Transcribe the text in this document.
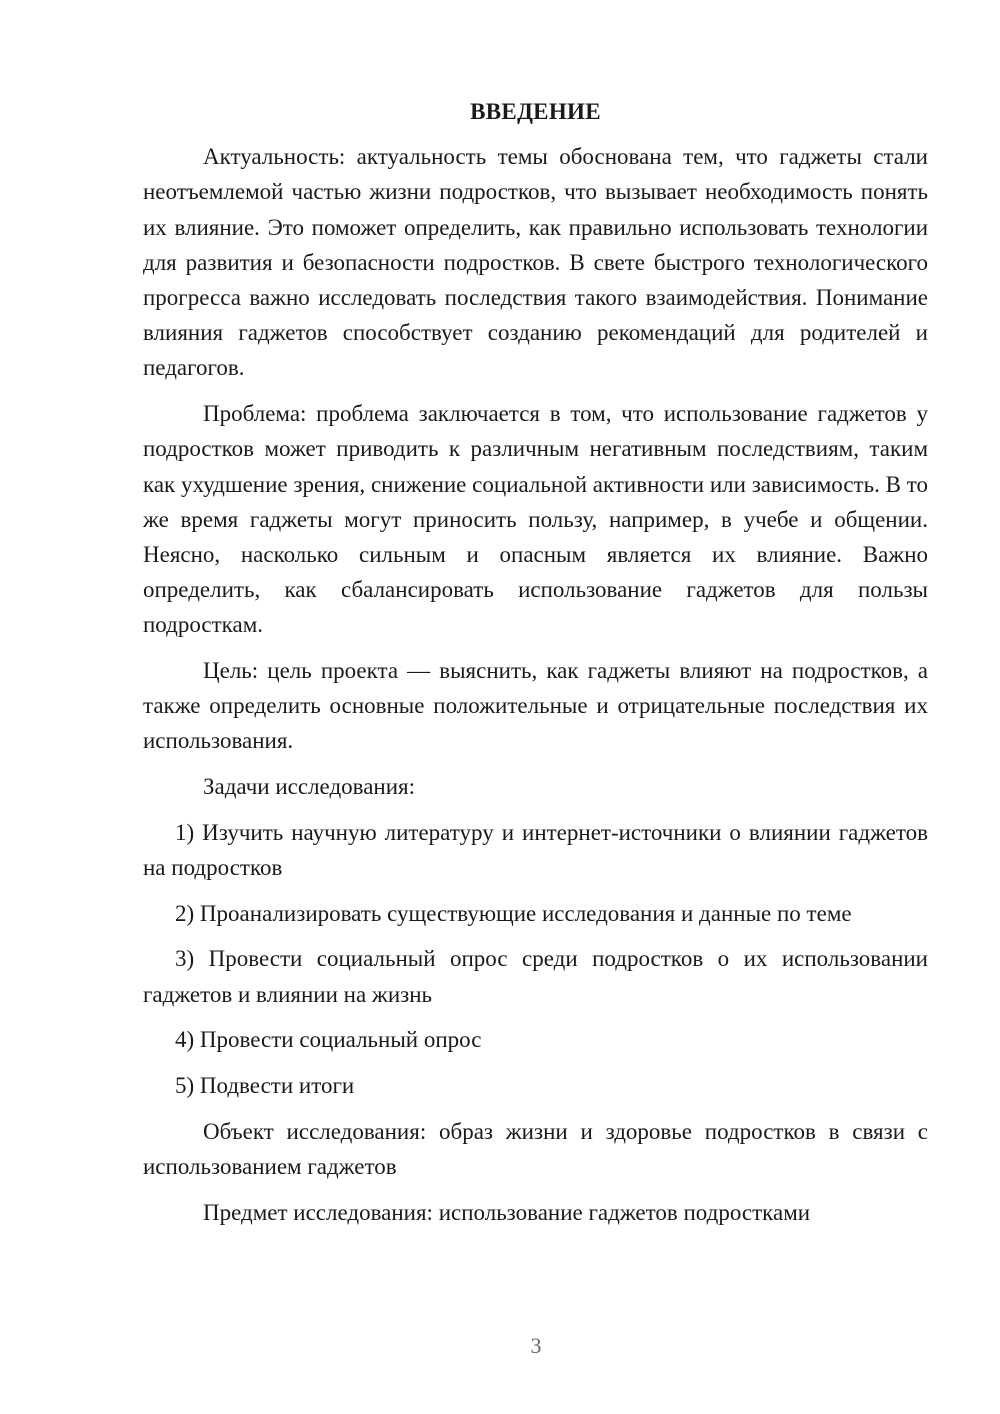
ВВЕДЕНИЕ

Актуальность: актуальность темы обоснована тем, что гаджеты стали неотъемлемой частью жизни подростков, что вызывает необходимость понять их влияние. Это поможет определить, как правильно использовать технологии для развития и безопасности подростков. В свете быстрого технологического прогресса важно исследовать последствия такого взаимодействия. Понимание влияния гаджетов способствует созданию рекомендаций для родителей и педагогов.

Проблема: проблема заключается в том, что использование гаджетов у подростков может приводить к различным негативным последствиям, таким как ухудшение зрения, снижение социальной активности или зависимость. В то же время гаджеты могут приносить пользу, например, в учебе и общении. Неясно, насколько сильным и опасным является их влияние. Важно определить, как сбалансировать использование гаджетов для пользы подросткам.

Цель: цель проекта — выяснить, как гаджеты влияют на подростков, а также определить основные положительные и отрицательные последствия их использования.

Задачи исследования:

1) Изучить научную литературу и интернет-источники о влиянии гаджетов на подростков

2) Проанализировать существующие исследования и данные по теме

3) Провести социальный опрос среди подростков о их использовании гаджетов и влиянии на жизнь

4) Провести социальный опрос

5) Подвести итоги

Объект исследования: образ жизни и здоровье подростков в связи с использованием гаджетов

Предмет исследования: использование гаджетов подростками

3
